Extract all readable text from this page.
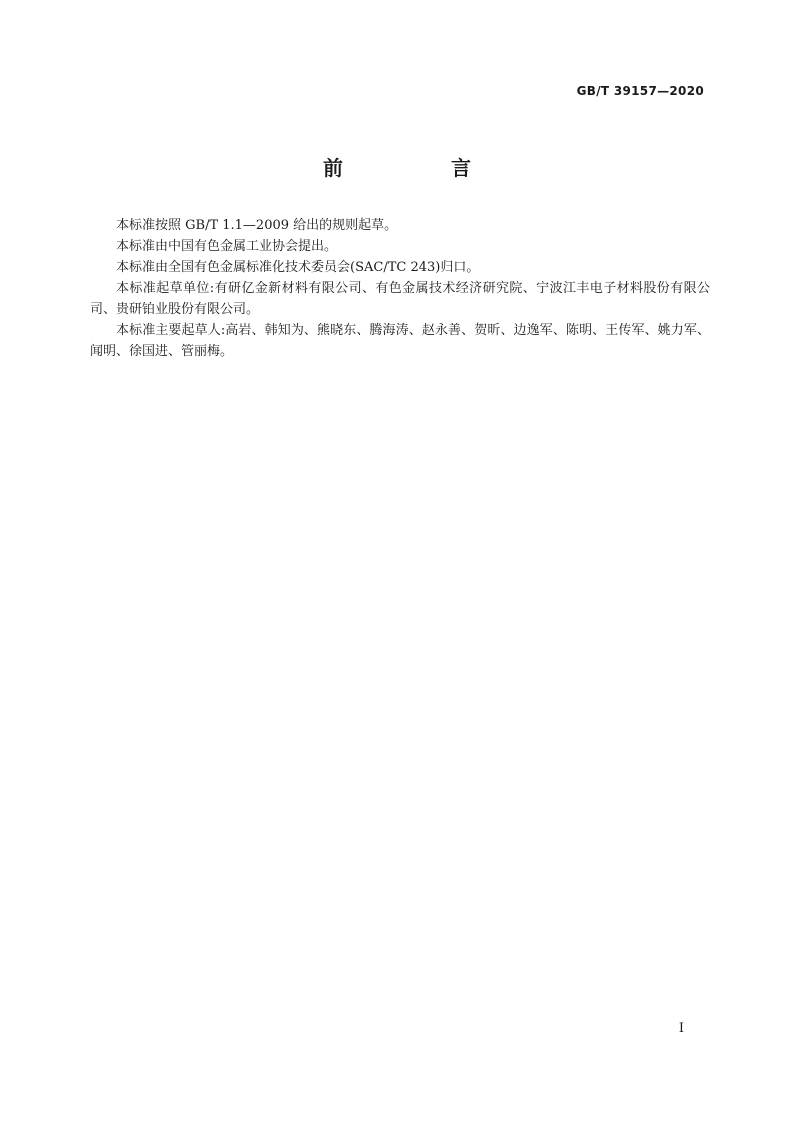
GB/T 39157—2020
前　言

本标准按照 GB/T 1.1—2009 给出的规则起草。

本标准由中国有色金属工业协会提出。

本标准由全国有色金属标准化技术委员会(SAC/TC 243)归口。

本标准起草单位:有研亿金新材料有限公司、有色金属技术经济研究院、宁波江丰电子材料股份有限公司、贵研铂业股份有限公司。

本标准主要起草人:高岩、韩知为、熊晓东、腾海涛、赵永善、贺昕、边逸军、陈明、王传军、姚力军、闻明、徐国进、管丽梅。

I
